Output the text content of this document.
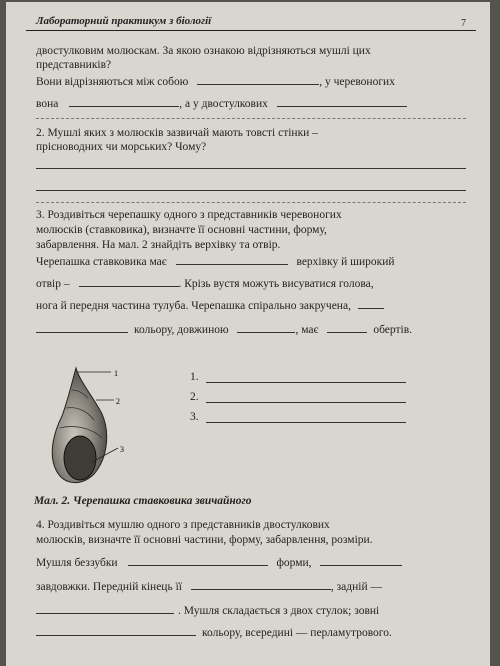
Лабораторний практикум з біології	7
двостулковим молюскам. За якою ознакою відрізняються мушлі цих
представників?
Вони відрізняються між собою	, у черевоногих
вона	, а у двостулкових
2. Мушлі яких з молюсків зазвичай мають товсті стінки –
прісноводних чи морських? Чому?
3. Роздивіться черепашку одного з представників черевоногих
молюсків (ставковика), визначте її основні частини, форму,
забарвлення. На мал. 2 знайдіть верхівку та отвір.
Черепашка ставковика має	верхівку й широкий
отвір –	. Крізь вустя можуть висуватися голова,
нога й передня частина тулуба. Черепашка спірально закручена,
кольору, довжиною	, має	обертів.
1
2
3
1.
2.
3.
Мал. 2. Черепашка ставковика звичайного
4. Роздивіться мушлю одного з представників двостулкових
молюсків, визначте її основні частини, форму, забарвлення, розміри.
Мушля беззубки	форми,
завдовжки. Передній кінець її	, задній —
. Мушля складається з двох стулок; зовні
кольору, всередині — перламутрового.
